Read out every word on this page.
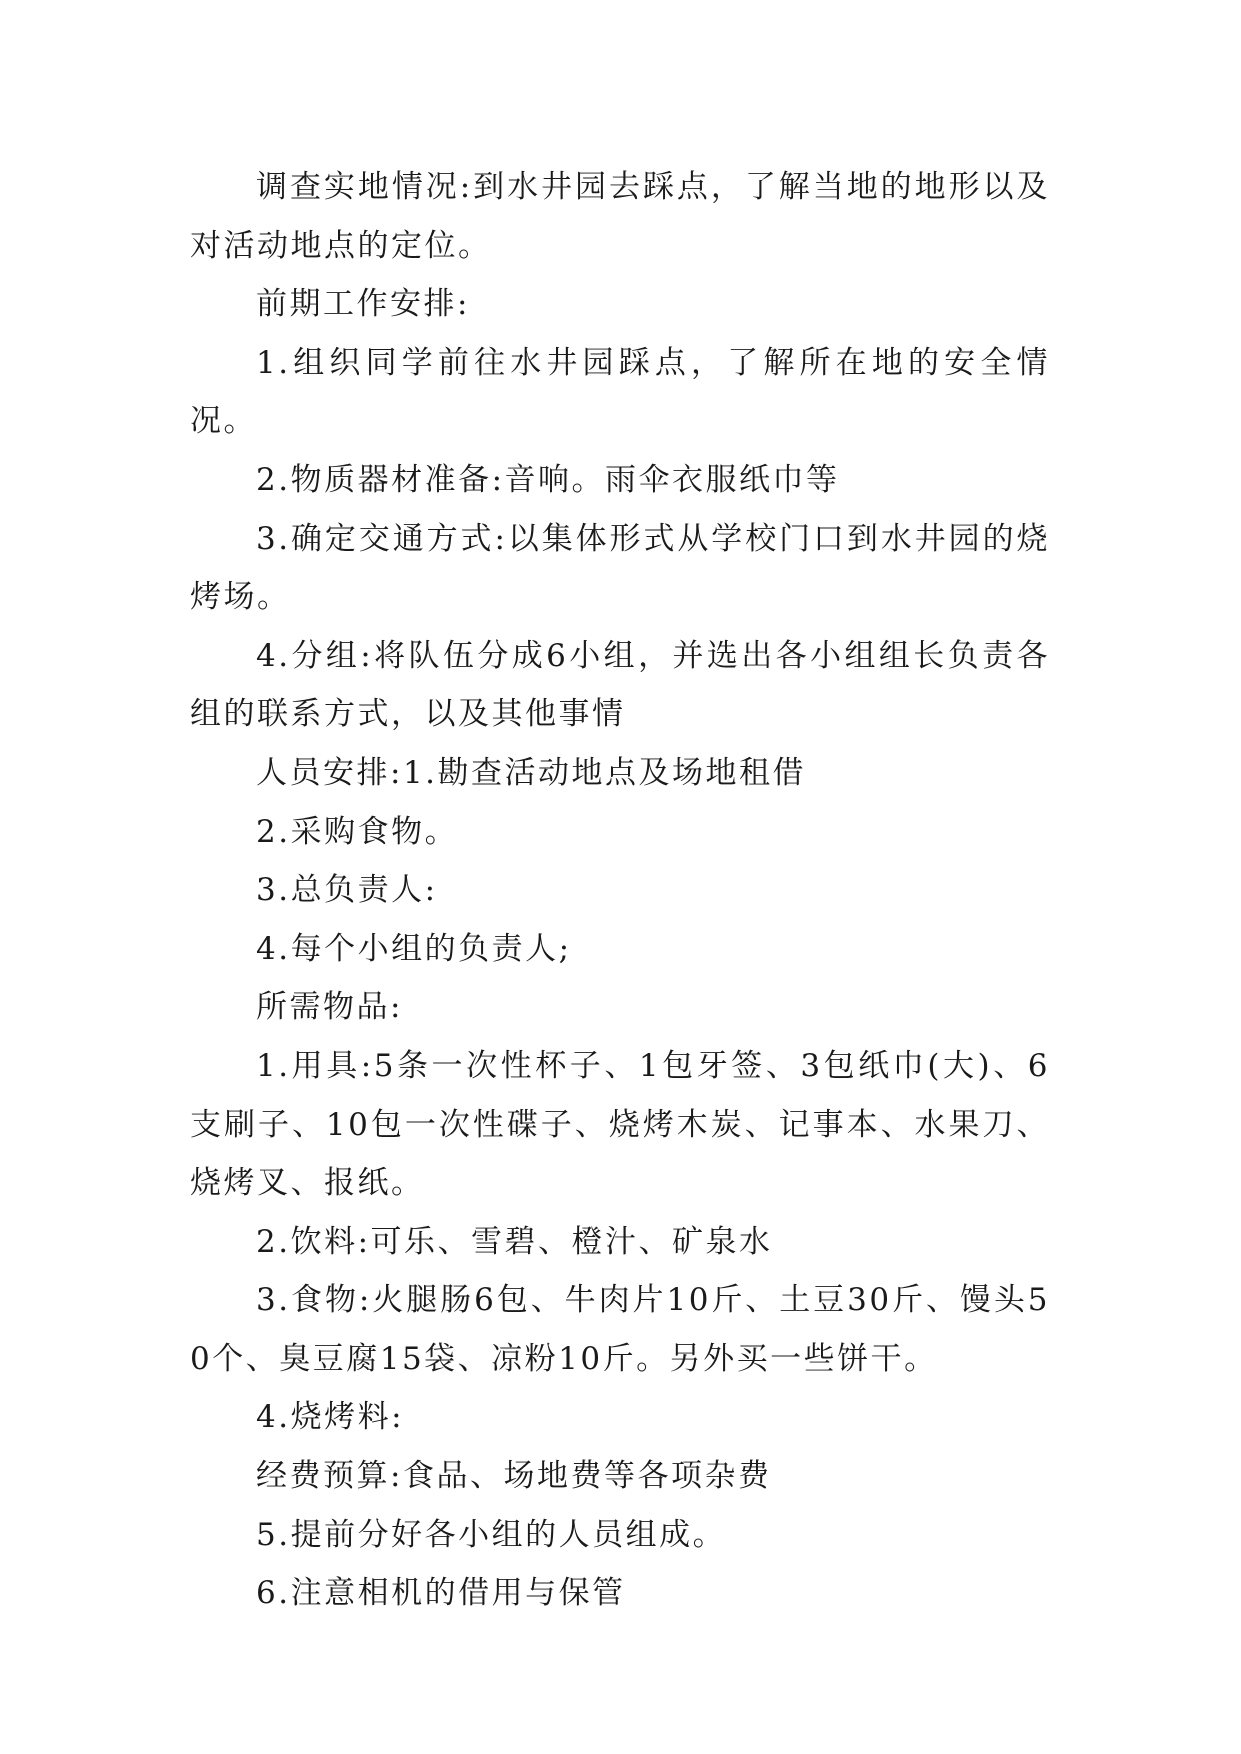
调查实地情况:到水井园去踩点，了解当地的地形以及对活动地点的定位。

前期工作安排:

1.组织同学前往水井园踩点，了解所在地的安全情况。

2.物质器材准备:音响。雨伞衣服纸巾等

3.确定交通方式:以集体形式从学校门口到水井园的烧烤场。

4.分组:将队伍分成6小组，并选出各小组组长负责各组的联系方式，以及其他事情

人员安排:1.勘查活动地点及场地租借

2.采购食物。

3.总负责人:

4.每个小组的负责人;

所需物品:

1.用具:5条一次性杯子、1包牙签、3包纸巾(大)、6支刷子、10包一次性碟子、烧烤木炭、记事本、水果刀、烧烤叉、报纸。

2.饮料:可乐、雪碧、橙汁、矿泉水

3.食物:火腿肠6包、牛肉片10斤、土豆30斤、馒头50个、臭豆腐15袋、凉粉10斤。另外买一些饼干。

4.烧烤料:

经费预算:食品、场地费等各项杂费

5.提前分好各小组的人员组成。

6.注意相机的借用与保管
